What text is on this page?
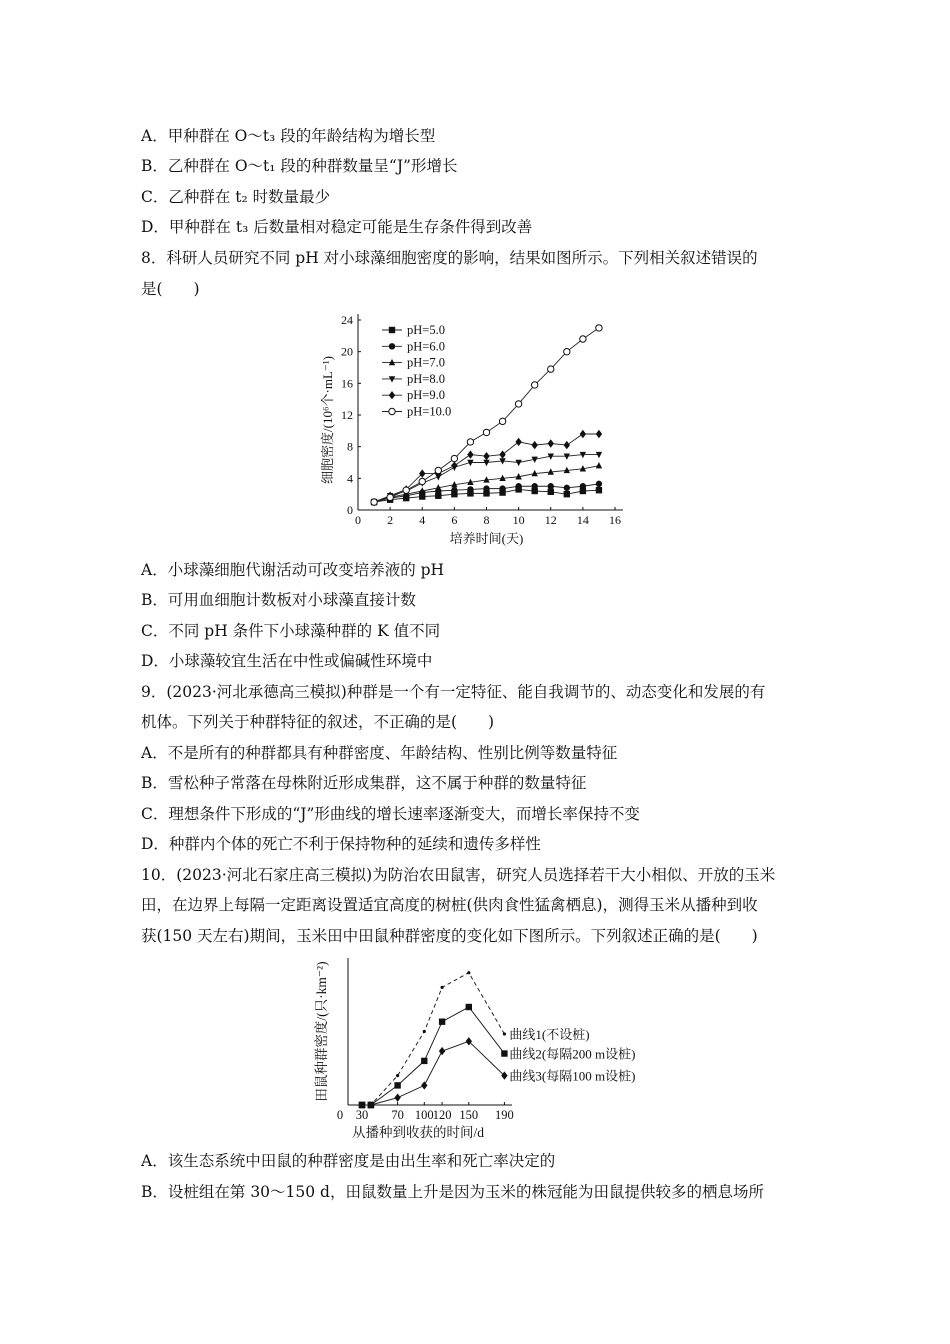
A．甲种群在 O～t₃ 段的年龄结构为增长型
B．乙种群在 O～t₁ 段的种群数量呈“J”形增长
C．乙种群在 t₂ 时数量最少
D．甲种群在 t₃ 后数量相对稳定可能是生存条件得到改善
8．科研人员研究不同 pH 对小球藻细胞密度的影响，结果如图所示。下列相关叙述错误的
是(　　)
0 2 4 6 8 10 12 14 16
0
4
8
12
16
20
24
培养时间(天)
细胞密度/(10⁶个·mL⁻¹)
pH=5.0
pH=6.0
pH=7.0
pH=8.0
pH=9.0
pH=10.0
A．小球藻细胞代谢活动可改变培养液的 pH
B．可用血细胞计数板对小球藻直接计数
C．不同 pH 条件下小球藻种群的 K 值不同
D．小球藻较宜生活在中性或偏碱性环境中
9．(2023·河北承德高三模拟)种群是一个有一定特征、能自我调节的、动态变化和发展的有
机体。下列关于种群特征的叙述，不正确的是(　　)
A．不是所有的种群都具有种群密度、年龄结构、性别比例等数量特征
B．雪松种子常落在母株附近形成集群，这不属于种群的数量特征
C．理想条件下形成的“J”形曲线的增长速率逐渐变大，而增长率保持不变
D．种群内个体的死亡不利于保持物种的延续和遗传多样性
10．(2023·河北石家庄高三模拟)为防治农田鼠害，研究人员选择若干大小相似、开放的玉米
田，在边界上每隔一定距离设置适宜高度的树桩(供肉食性猛禽栖息)，测得玉米从播种到收
获(150 天左右)期间，玉米田中田鼠种群密度的变化如下图所示。下列叙述正确的是(　　)
0 30 70 100 120 150 190
从播种到收获的时间/d
田鼠种群密度/(只·km⁻²)	曲线1(不设桩)
曲线2(每隔200 m设桩)
曲线3(每隔100 m设桩)
A．该生态系统中田鼠的种群密度是由出生率和死亡率决定的
B．设桩组在第 30～150 d，田鼠数量上升是因为玉米的株冠能为田鼠提供较多的栖息场所
